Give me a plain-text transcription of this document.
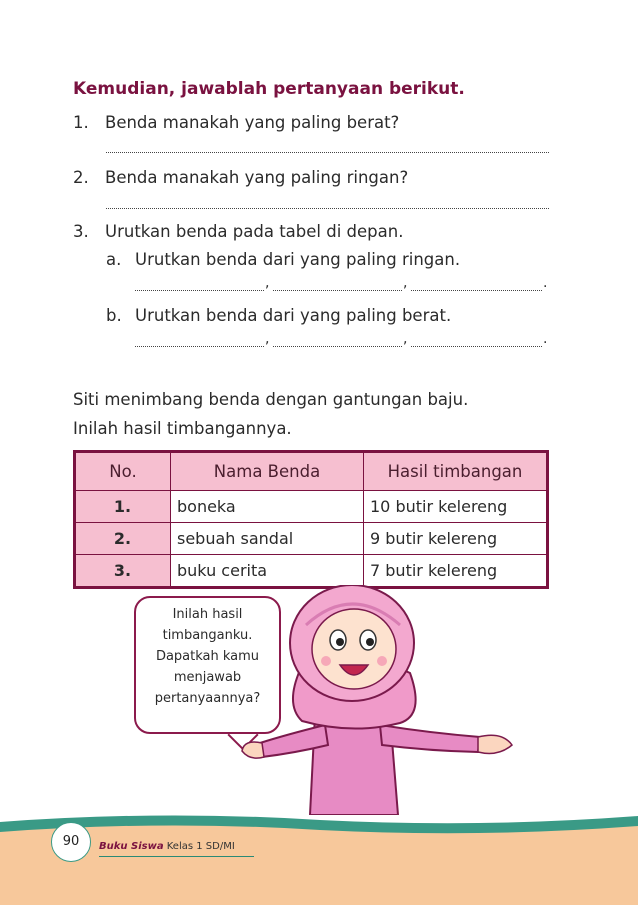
Kemudian, jawablah pertanyaan berikut.
1. Benda manakah yang paling berat?
2. Benda manakah yang paling ringan?
3. Urutkan benda pada tabel di depan.
a. Urutkan benda dari yang paling ringan.
,	,	.
b. Urutkan benda dari yang paling berat.
,	,	.
Siti menimbang benda dengan gantungan baju.
Inilah hasil timbangannya.
No.	Nama Benda	Hasil timbangan
1.	boneka	10 butir kelereng
2.	sebuah sandal	9 butir kelereng
3.	buku cerita	7 butir kelereng
Inilah hasil
timbanganku.
Dapatkah kamu
menjawab
pertanyaannya?
90	Buku Siswa Kelas 1 SD/MI
